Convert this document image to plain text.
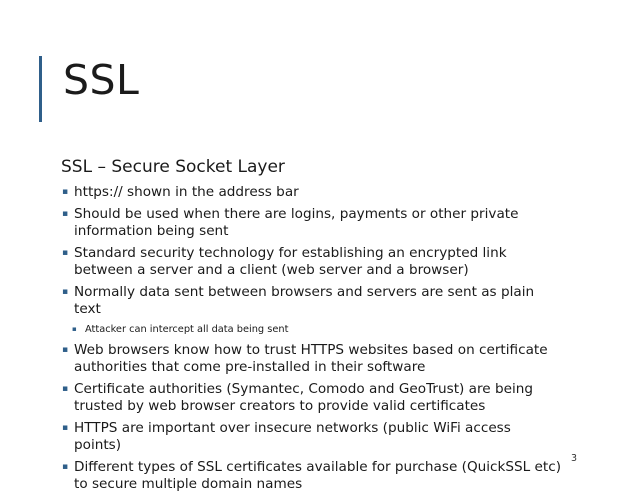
SSL
SSL – Secure Socket Layer
▪ https:// shown in the address bar
▪ Should be used when there are logins, payments or other private information being sent
▪ Standard security technology for establishing an encrypted link between a server and a client (web server and a browser)
▪ Normally data sent between browsers and servers are sent as plain text
▪ Attacker can intercept all data being sent
▪ Web browsers know how to trust HTTPS websites based on certificate authorities that come pre-installed in their software
▪ Certificate authorities (Symantec, Comodo and GeoTrust) are being trusted by web browser creators to provide valid certificates
▪ HTTPS are important over insecure networks (public WiFi access points)
▪ Different types of SSL certificates available for purchase (QuickSSL etc) to secure multiple domain names
3
